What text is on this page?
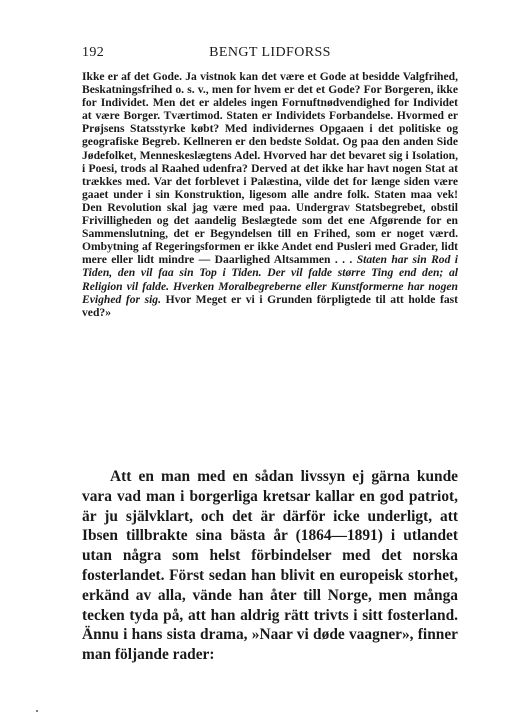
192	BENGT LIDFORSS
Ikke er af det Gode. Ja vistnok kan det være et Gode at besidde Valgfrihed, Beskatningsfrihed o. s. v., men for hvem er det et Gode? For Borgeren, ikke for Individet. Men det er aldeles ingen Fornuftnødvendighed for Individet at være Borger. Tværtimod. Staten er Individets Forbandelse. Hvormed er Prøjsens Statsstyrke købt? Med individernes Opgaaen i det politiske og geografiske Begreb. Kellneren er den bedste Soldat. Og paa den anden Side Jødefolket, Menneskeslægtens Adel. Hvorved har det bevaret sig i Isolation, i Poesi, trods al Raahed udenfra? Derved at det ikke har havt nogen Stat at trækkes med. Var det forblevet i Palæstina, vilde det for længe siden være gaaet under i sin Konstruktion, ligesom alle andre folk. Staten maa vek! Den Revolution skal jag være med paa. Undergrav Statsbegrebet, obstil Frivilligheden og det aandelig Beslægtede som det ene Afgørende for en Sammenslutning, det er Begyndelsen till en Frihed, som er noget værd. Ombytning af Regeringsformen er ikke Andet end Pusleri med Grader, lidt mere eller lidt mindre — Daarlighed Altsammen . . . Staten har sin Rod i Tiden, den vil faa sin Top i Tiden. Der vil falde større Ting end den; al Religion vil falde. Hverken Moralbegreberne eller Kunstformerne har nogen Evighed for sig. Hvor Meget er vi i Grunden förpligtede til att holde fast ved?»

Att en man med en sådan livssyn ej gärna kunde vara vad man i borgerliga kretsar kallar en god patriot, är ju självklart, och det är därför icke underligt, att Ibsen tillbrakte sina bästa år (1864—1891) i utlandet utan några som helst förbindelser med det norska fosterlandet. Först sedan han blivit en europeisk storhet, erkänd av alla, vände han åter till Norge, men många tecken tyda på, att han aldrig rätt trivts i sitt fosterland. Ännu i hans sista drama, »Naar vi døde vaagner», finner man följande rader:
